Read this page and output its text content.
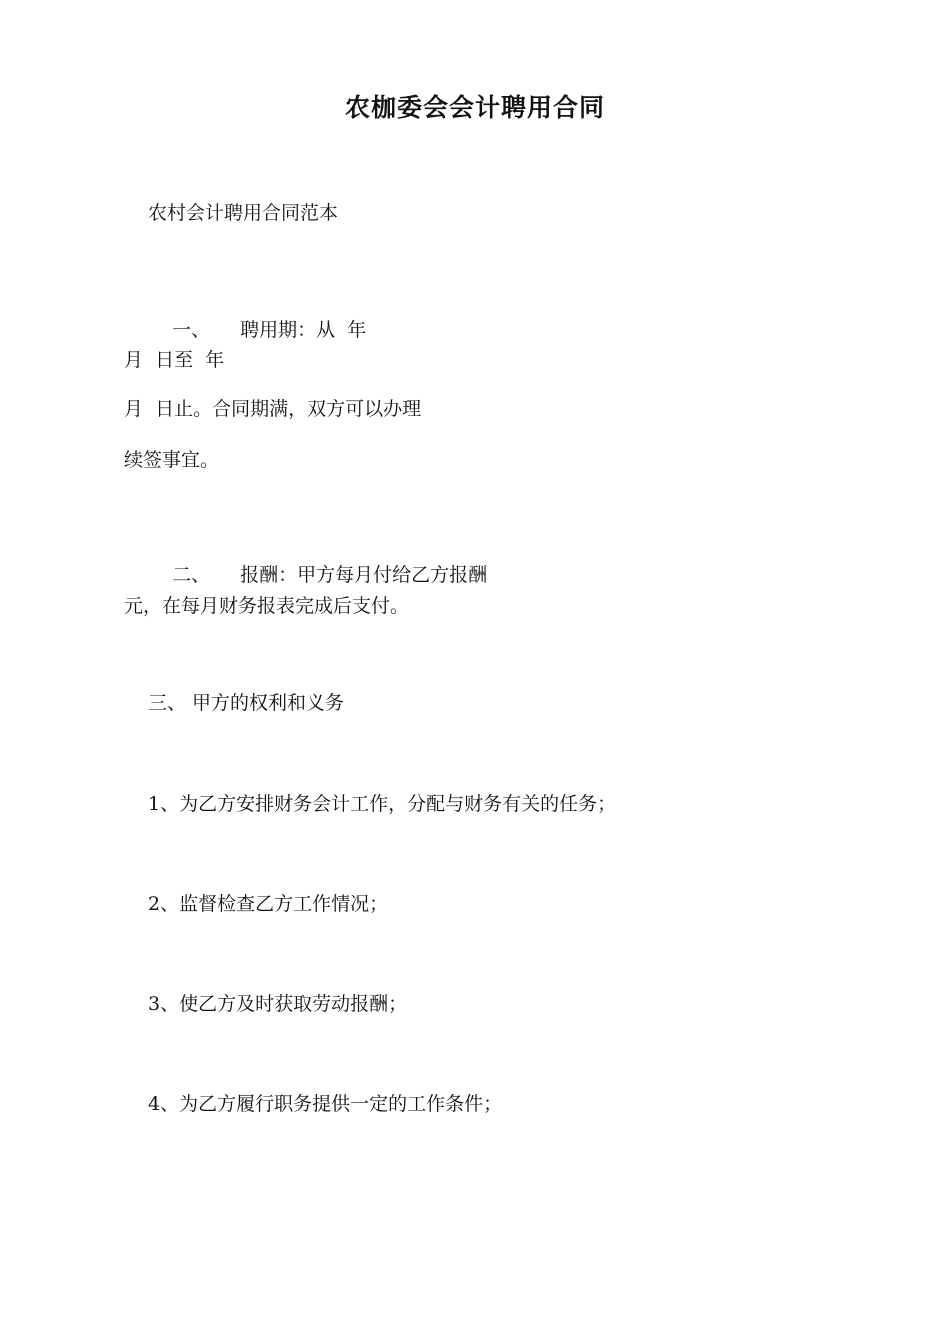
农枷委会会计聘用合同
农村会计聘用合同范本

一、 聘用期：从  年

月  日至  年
月  日止。合同期满，双方可以办理
续签事宜。

二、 报酬：甲方每月付给乙方报酬

元，在每月财务报表完成后支付。
三、 甲方的权利和义务
1、为乙方安排财务会计工作，分配与财务有关的任务；
2、监督检查乙方工作情况；
3、使乙方及时获取劳动报酬；
4、为乙方履行职务提供一定的工作条件；
